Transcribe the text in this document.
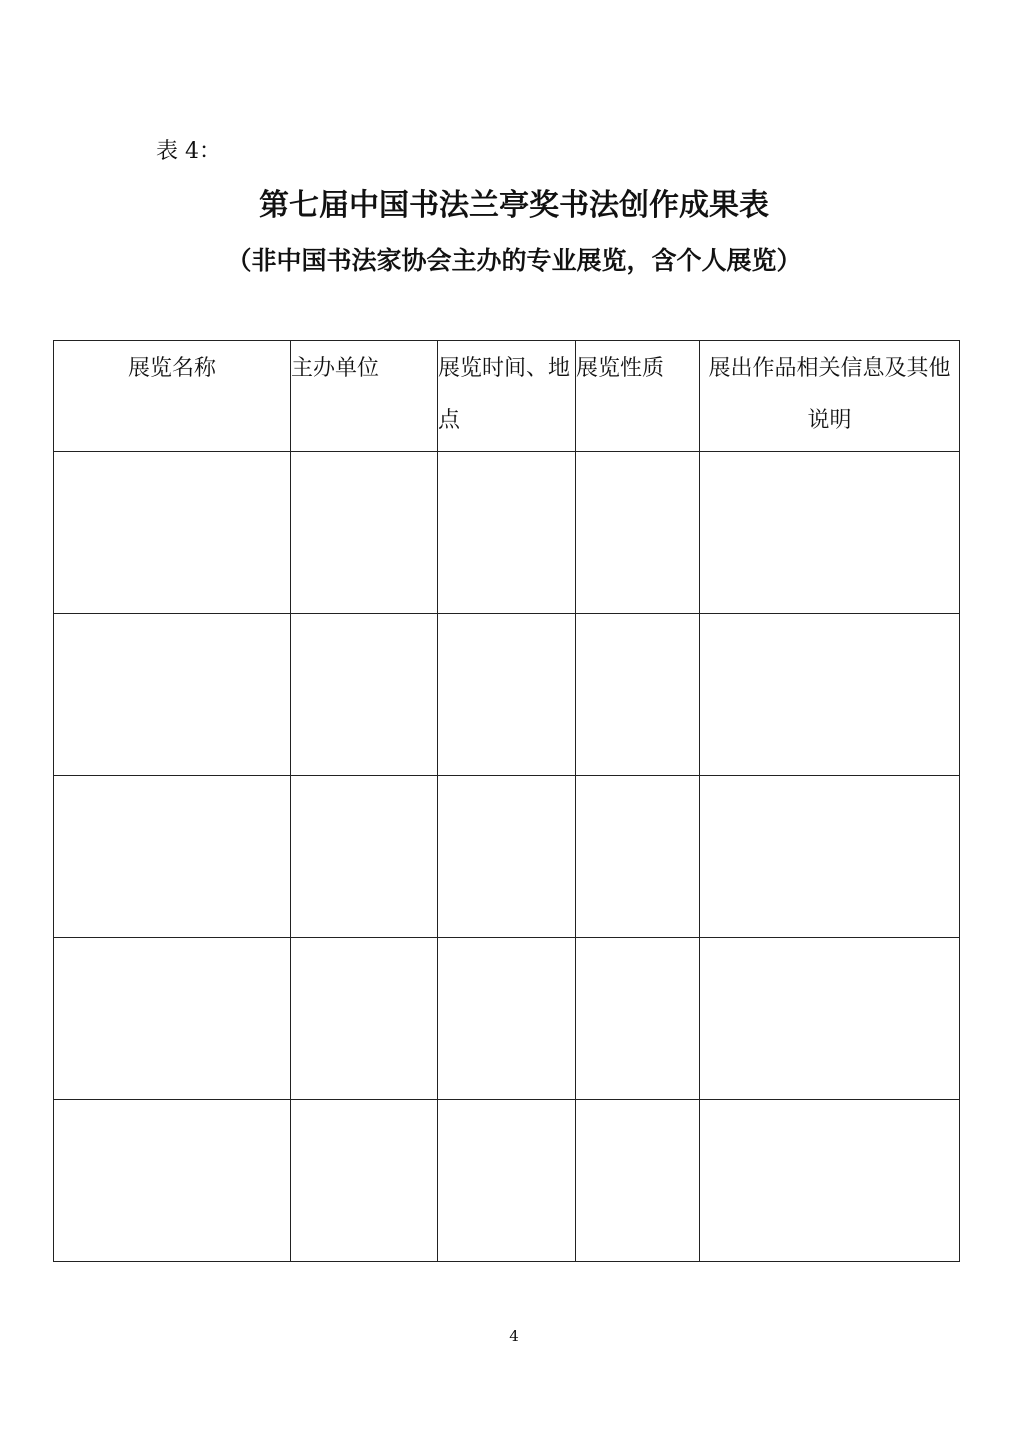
表 4：
第七届中国书法兰亭奖书法创作成果表
（非中国书法家协会主办的专业展览，含个人展览）
展览名称	主办单位	展览时间、地点	展览性质	展出作品相关信息及其他说明

4
